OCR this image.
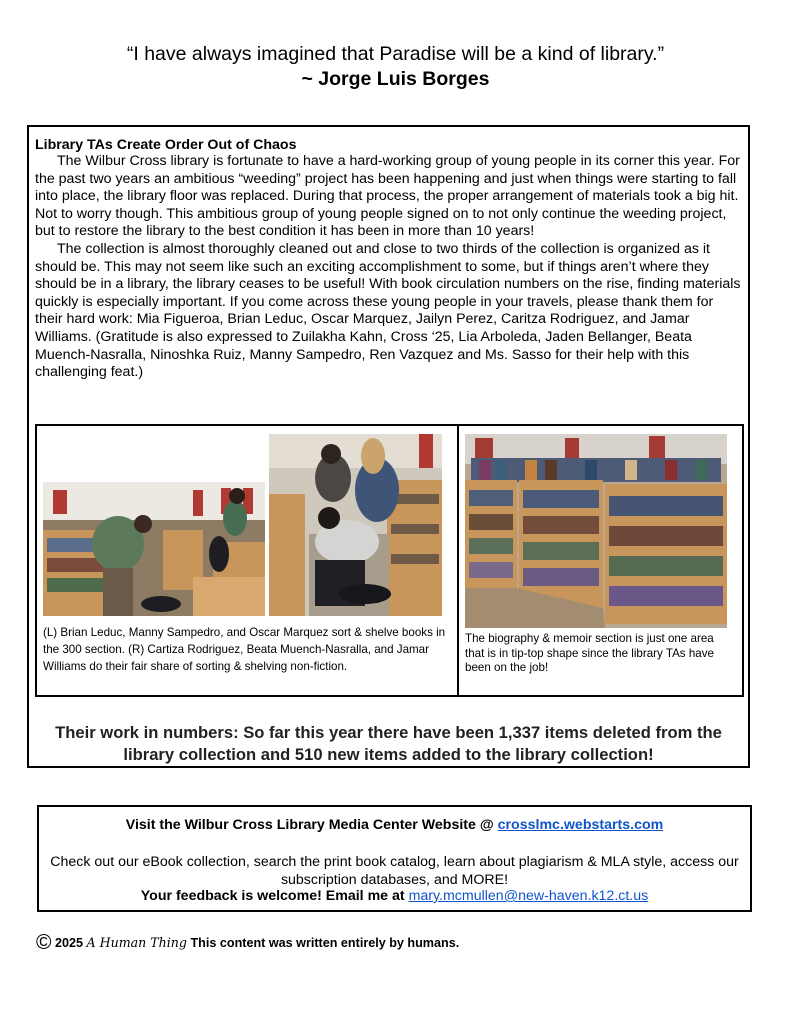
“I have always imagined that Paradise will be a kind of library.”
~ Jorge Luis Borges
Library TAs Create Order Out of Chaos

The Wilbur Cross library is fortunate to have a hard-working group of young people in its corner this year. For the past two years an ambitious “weeding” project has been happening and just when things were starting to fall into place, the library floor was replaced. During that process, the proper arrangement of materials took a big hit. Not to worry though. This ambitious group of young people signed on to not only continue the weeding project, but to restore the library to the best condition it has been in more than 10 years!

The collection is almost thoroughly cleaned out and close to two thirds of the collection is organized as it should be. This may not seem like such an exciting accomplishment to some, but if things aren’t where they should be in a library, the library ceases to be useful! With book circulation numbers on the rise, finding materials quickly is especially important. If you come across these young people in your travels, please thank them for their hard work: Mia Figueroa, Brian Leduc, Oscar Marquez, Jailyn Perez, Caritza Rodriguez, and Jamar Williams. (Gratitude is also expressed to Zuilakha Kahn, Cross ‘25, Lia Arboleda, Jaden Bellanger, Beata Muench-Nasralla, Ninoshka Ruiz, Manny Sampedro, Ren Vazquez and Ms. Sasso for their help with this challenging feat.)

(L) Brian Leduc, Manny Sampedro, and Oscar Marquez sort & shelve books in the 300 section. (R) Cartiza Rodriguez, Beata Muench-Nasralla, and Jamar Williams do their fair share of sorting & shelving non-fiction.
The biography & memoir section is just one area that is in tip-top shape since the library TAs have been on the job!
Their work in numbers: So far this year there have been 1,337 items deleted from the library collection and 510 new items added to the library collection!
Visit the Wilbur Cross Library Media Center Website @ crosslmc.webstarts.com
Check out our eBook collection, search the print book catalog, learn about plagiarism & MLA style, access our subscription databases, and MORE!
Your feedback is welcome! Email me at mary.mcmullen@new-haven.k12.ct.us
© 2025 A Human Thing This content was written entirely by humans.
